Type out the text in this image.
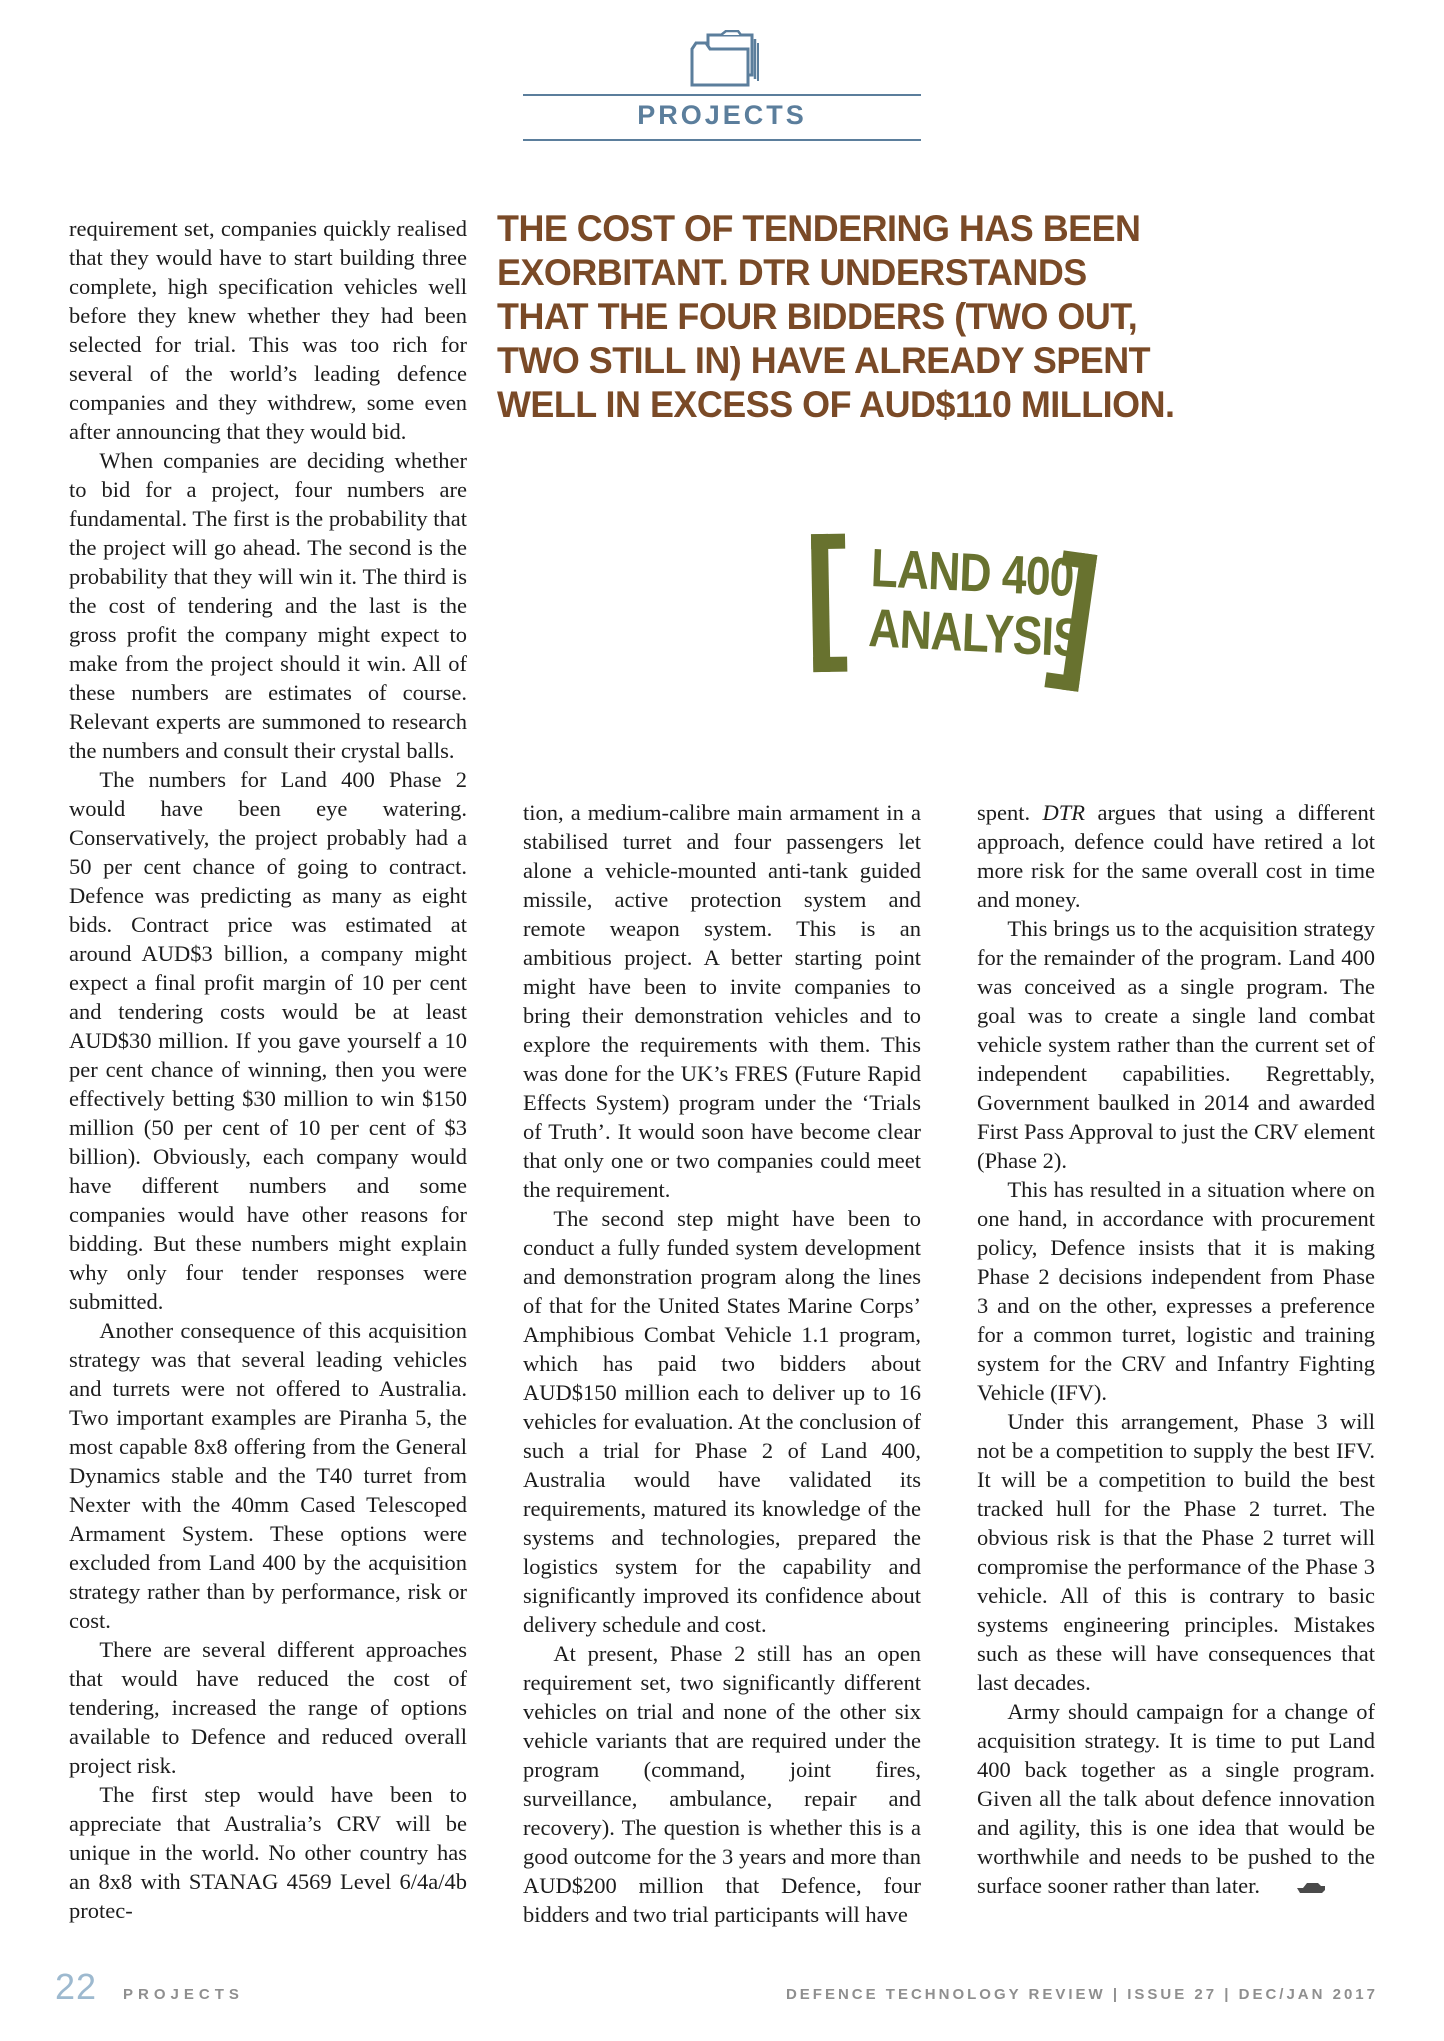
PROJECTS
THE COST OF TENDERING HAS BEEN
EXORBITANT. DTR UNDERSTANDS
THAT THE FOUR BIDDERS (TWO OUT,
TWO STILL IN) HAVE ALREADY SPENT
WELL IN EXCESS OF AUD$110 MILLION.
LAND 400
ANALYSIS

requirement set, companies quickly realised that they would have to start building three complete, high specification vehicles well before they knew whether they had been selected for trial. This was too rich for several of the world’s leading defence companies and they withdrew, some even after announcing that they would bid.

When companies are deciding whether to bid for a project, four numbers are fundamental. The first is the probability that the project will go ahead. The second is the probability that they will win it. The third is the cost of tendering and the last is the gross profit the company might expect to make from the project should it win. All of these numbers are estimates of course. Relevant experts are summoned to research the numbers and consult their crystal balls.

The numbers for Land 400 Phase 2 would have been eye watering. Conservatively, the project probably had a 50 per cent chance of going to contract. Defence was predicting as many as eight bids. Contract price was estimated at around AUD$3 billion, a company might expect a final profit margin of 10 per cent and tendering costs would be at least AUD$30 million. If you gave yourself a 10 per cent chance of winning, then you were effectively betting $30 million to win $150 million (50 per cent of 10 per cent of $3 billion). Obviously, each company would have different numbers and some companies would have other reasons for bidding. But these numbers might explain why only four tender responses were submitted.

Another consequence of this acquisition strategy was that several leading vehicles and turrets were not offered to Australia. Two important examples are Piranha 5, the most capable 8x8 offering from the General Dynamics stable and the T40 turret from Nexter with the 40mm Cased Telescoped Armament System. These options were excluded from Land 400 by the acquisition strategy rather than by performance, risk or cost.

There are several different approaches that would have reduced the cost of tendering, increased the range of options available to Defence and reduced overall project risk.

The first step would have been to appreciate that Australia’s CRV will be unique in the world. No other country has an 8x8 with STANAG 4569 Level 6/4a/4b protec-

tion, a medium-calibre main armament in a stabilised turret and four passengers let alone a vehicle-mounted anti-tank guided missile, active protection system and remote weapon system. This is an ambitious project. A better starting point might have been to invite companies to bring their demonstration vehicles and to explore the requirements with them. This was done for the UK’s FRES (Future Rapid Effects System) program under the ‘Trials of Truth’. It would soon have become clear that only one or two companies could meet the requirement.

The second step might have been to conduct a fully funded system development and demonstration program along the lines of that for the United States Marine Corps’ Amphibious Combat Vehicle 1.1 program, which has paid two bidders about AUD$150 million each to deliver up to 16 vehicles for evaluation. At the conclusion of such a trial for Phase 2 of Land 400, Australia would have validated its requirements, matured its knowledge of the systems and technologies, prepared the logistics system for the capability and significantly improved its confidence about delivery schedule and cost.

At present, Phase 2 still has an open requirement set, two significantly different vehicles on trial and none of the other six vehicle variants that are required under the program (command, joint fires, surveillance, ambulance, repair and recovery). The question is whether this is a good outcome for the 3 years and more than AUD$200 million that Defence, four bidders and two trial participants will have

spent. DTR argues that using a different approach, defence could have retired a lot more risk for the same overall cost in time and money.

This brings us to the acquisition strategy for the remainder of the program. Land 400 was conceived as a single program. The goal was to create a single land combat vehicle system rather than the current set of independent capabilities. Regrettably, Government baulked in 2014 and awarded First Pass Approval to just the CRV element (Phase 2).

This has resulted in a situation where on one hand, in accordance with procurement policy, Defence insists that it is making Phase 2 decisions independent from Phase 3 and on the other, expresses a preference for a common turret, logistic and training system for the CRV and Infantry Fighting Vehicle (IFV).

Under this arrangement, Phase 3 will not be a competition to supply the best IFV. It will be a competition to build the best tracked hull for the Phase 2 turret. The obvious risk is that the Phase 2 turret will compromise the performance of the Phase 3 vehicle. All of this is contrary to basic systems engineering principles. Mistakes such as these will have consequences that last decades.

Army should campaign for a change of acquisition strategy. It is time to put Land 400 back together as a single program. Given all the talk about defence innovation and agility, this is one idea that would be worthwhile and needs to be pushed to the surface sooner rather than later.

22 PROJECTS	DEFENCE TECHNOLOGY REVIEW | ISSUE 27 | DEC/JAN 2017
